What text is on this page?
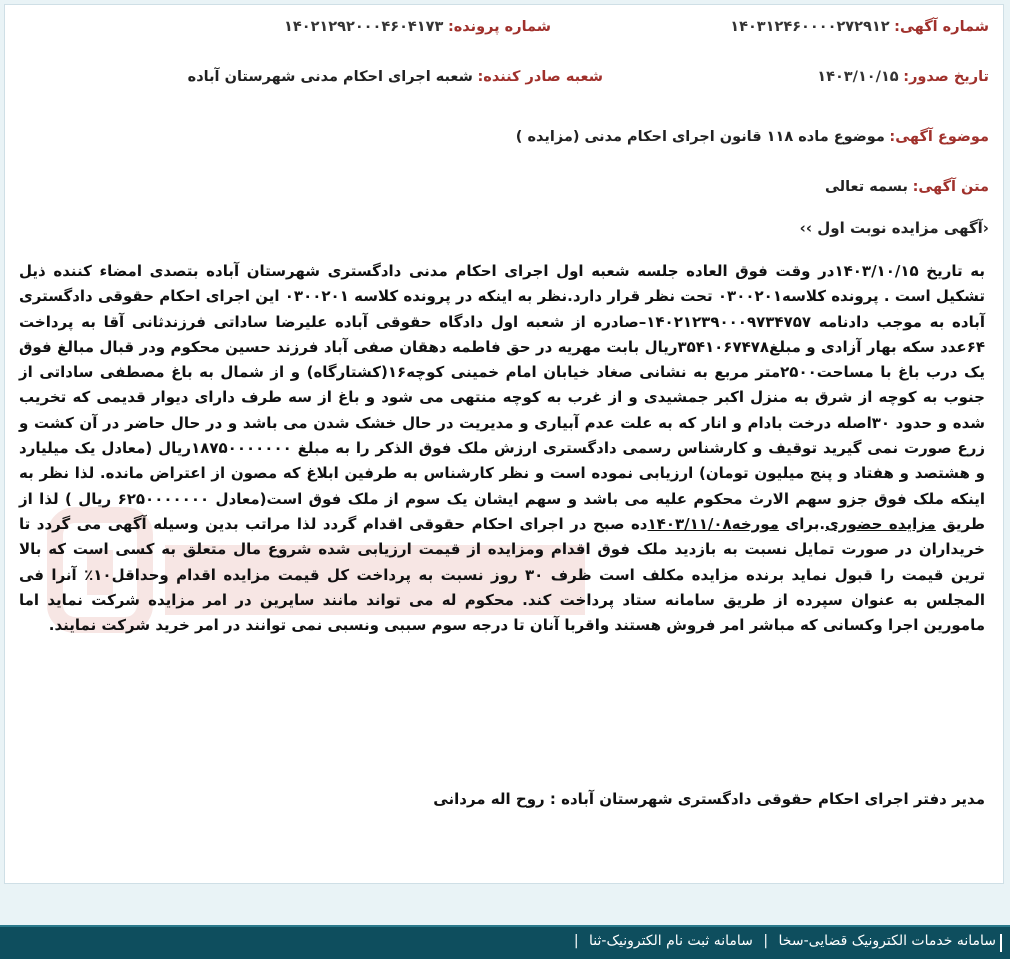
شماره آگهی: ۱۴۰۳۱۲۴۶۰۰۰۰۲۷۲۹۱۲
شماره پرونده: ۱۴۰۲۱۲۹۲۰۰۰۴۶۰۴۱۷۳
تاریخ صدور: ۱۴۰۳/۱۰/۱۵
شعبه صادر کننده: شعبه اجرای احکام مدنی شهرستان آباده
موضوع آگهی: موضوع ماده ۱۱۸ قانون اجرای احکام مدنی (مزایده )
متن آگهی: بسمه تعالی
‹آگهی مزایده نوبت اول ››
به تاریخ ۱۴۰۳/۱۰/۱۵در وقت فوق العاده جلسه شعبه اول اجرای احکام مدنی دادگستری شهرستان آباده بتصدی امضاء کننده ذیل تشکیل است . پرونده کلاسه۰۳۰۰۲۰۱ تحت نظر قرار دارد.نظر به اینکه در پرونده کلاسه ۰۳۰۰۲۰۱ این اجرای احکام حقوقی دادگستری آباده به موجب دادنامه ۱۴۰۲۱۲۳۹۰۰۰۹۷۳۴۷۵۷–صادره از شعبه اول دادگاه حقوقی آباده علیرضا ساداتی فرزندثانی آقا به پرداخت ۶۴عدد سکه بهار آزادی و مبلغ۳۵۴۱۰۶۷۴۷۸ریال بابت مهریه در حق فاطمه دهقان صفی آباد فرزند حسین محکوم ودر قبال مبالغ فوق یک درب باغ با مساحت۲۵۰۰متر مربع به نشانی صغاد خیابان امام خمینی کوچه۱۶(کشتارگاه) و از شمال به باغ مصطفی ساداتی از جنوب به کوچه از شرق به منزل اکبر جمشیدی و از غرب به کوچه منتهی می شود و باغ از سه طرف دارای دیوار قدیمی که تخریب شده و حدود ۳۰اصله درخت بادام و انار که به علت عدم آبیاری و مدیریت در حال خشک شدن می باشد و در حال حاضر در آن کشت و زرع صورت نمی گیرید توقیف و کارشناس رسمی دادگستری ارزش ملک فوق الذکر را به مبلغ ۱۸۷۵۰۰۰۰۰۰۰ریال (معادل یک میلیارد و هشتصد و هفتاد و پنج میلیون تومان) ارزیابی نموده است و نظر کارشناس به طرفین ابلاغ که مصون از اعتراض مانده. لذا نظر به اینکه ملک فوق جزو سهم الارث محکوم علیه می باشد و سهم ایشان یک سوم از ملک فوق است(معادل ۶۲۵۰۰۰۰۰۰۰ ریال ) لذا از طریق مزایده حضوری.برای مورخه۱۴۰۳/۱۱/۰۸ده صبح در اجرای احکام حقوقی اقدام گردد لذا مراتب بدین وسیله آگهی می گردد تا خریداران در صورت تمایل نسبت به بازدید ملک فوق اقدام ومزایده از قیمت ارزیابی شده شروع مال متعلق به کسی است که بالا ترین قیمت را قبول نماید برنده مزایده مکلف است ظرف ۳۰ روز نسبت به پرداخت کل قیمت مزایده اقدام وحداقل۱۰٪ آنرا فی المجلس به عنوان سپرده از طریق سامانه ستاد پرداخت کند. محکوم له می تواند مانند سایرین در امر مزایده شرکت نماید اما مامورین اجرا وکسانی که مباشر امر فروش هستند واقربا آنان تا درجه سوم سببی ونسبی نمی توانند در امر خرید شرکت نمایند.
مدیر دفتر اجرای احکام حقوقی دادگستری شهرستان آباده : روح اله مردانی
سامانه خدمات الکترونیک قضایی-سخا | سامانه ثبت نام الکترونیک-ثنا |
